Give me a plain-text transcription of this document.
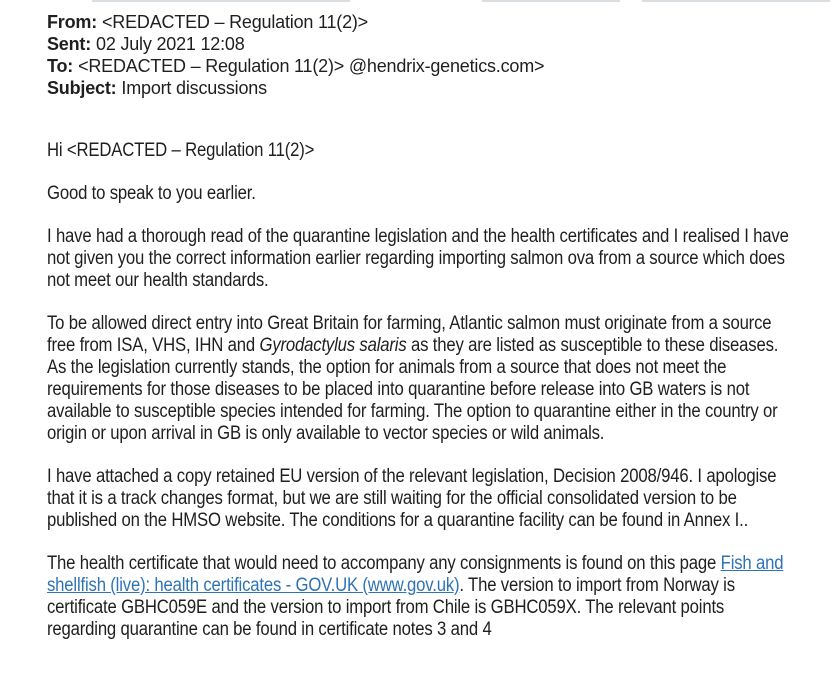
From: <REDACTED – Regulation 11(2)>
Sent: 02 July 2021 12:08
To: <REDACTED – Regulation 11(2)> @hendrix-genetics.com>
Subject: Import discussions

Hi <REDACTED – Regulation 11(2)>

Good to speak to you earlier.

I have had a thorough read of the quarantine legislation and the health certificates and I realised I have not given you the correct information earlier regarding importing salmon ova from a source which does not meet our health standards.

To be allowed direct entry into Great Britain for farming, Atlantic salmon must originate from a source free from ISA, VHS, IHN and Gyrodactylus salaris as they are listed as susceptible to these diseases. As the legislation currently stands, the option for animals from a source that does not meet the requirements for those diseases to be placed into quarantine before release into GB waters is not available to susceptible species intended for farming. The option to quarantine either in the country or origin or upon arrival in GB is only available to vector species or wild animals.

I have attached a copy retained EU version of the relevant legislation, Decision 2008/946. I apologise that it is a track changes format, but we are still waiting for the official consolidated version to be published on the HMSO website. The conditions for a quarantine facility can be found in Annex I..

The health certificate that would need to accompany any consignments is found on this page Fish and shellfish (live): health certificates - GOV.UK (www.gov.uk). The version to import from Norway is certificate GBHC059E and the version to import from Chile is GBHC059X. The relevant points regarding quarantine can be found in certificate notes 3 and 4
